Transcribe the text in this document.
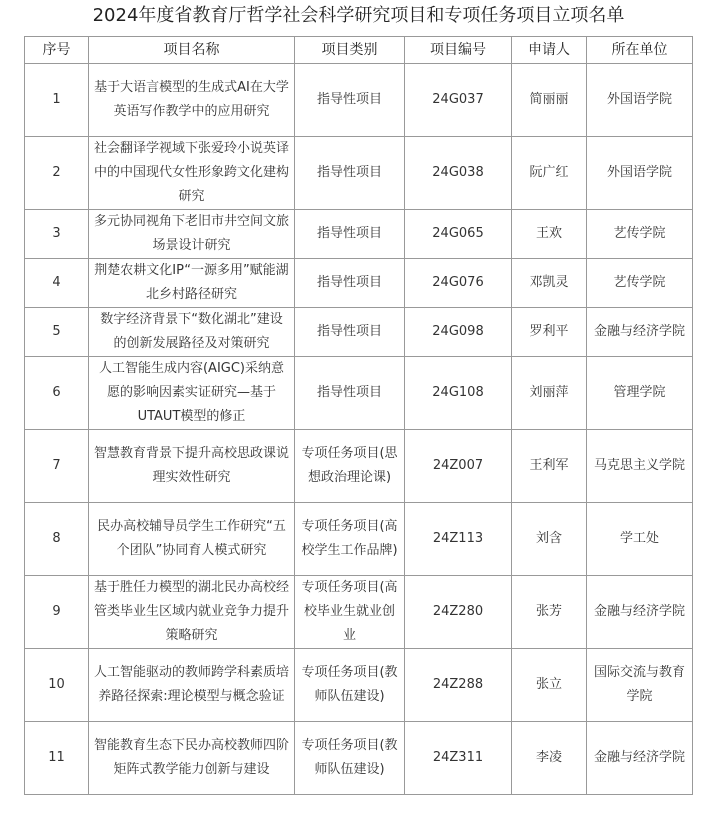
2024年度省教育厅哲学社会科学研究项目和专项任务项目立项名单
序号	项目名称	项目类别	项目编号	申请人	所在单位
1	基于大语言模型的生成式AI在大学英语写作教学中的应用研究	指导性项目	24G037	简丽丽	外国语学院
2	社会翻译学视域下张爱玲小说英译中的中国现代女性形象跨文化建构研究	指导性项目	24G038	阮广红	外国语学院
3	多元协同视角下老旧市井空间文旅场景设计研究	指导性项目	24G065	王欢	艺传学院
4	荆楚农耕文化IP“一源多用”赋能湖北乡村路径研究	指导性项目	24G076	邓凯灵	艺传学院
5	数字经济背景下“数化湖北”建设的创新发展路径及对策研究	指导性项目	24G098	罗利平	金融与经济学院
6	人工智能生成内容(AIGC)采纳意愿的影响因素实证研究—基于UTAUT模型的修正	指导性项目	24G108	刘丽萍	管理学院
7	智慧教育背景下提升高校思政课说理实效性研究	专项任务项目(思想政治理论课)	24Z007	王利军	马克思主义学院
8	民办高校辅导员学生工作研究“五个团队”协同育人模式研究	专项任务项目(高校学生工作品牌)	24Z113	刘含	学工处
9	基于胜任力模型的湖北民办高校经管类毕业生区域内就业竞争力提升策略研究	专项任务项目(高校毕业生就业创业	24Z280	张芳	金融与经济学院
10	人工智能驱动的教师跨学科素质培养路径探索:理论模型与概念验证	专项任务项目(教师队伍建设)	24Z288	张立	国际交流与教育学院
11	智能教育生态下民办高校教师四阶矩阵式教学能力创新与建设	专项任务项目(教师队伍建设)	24Z311	李凌	金融与经济学院
